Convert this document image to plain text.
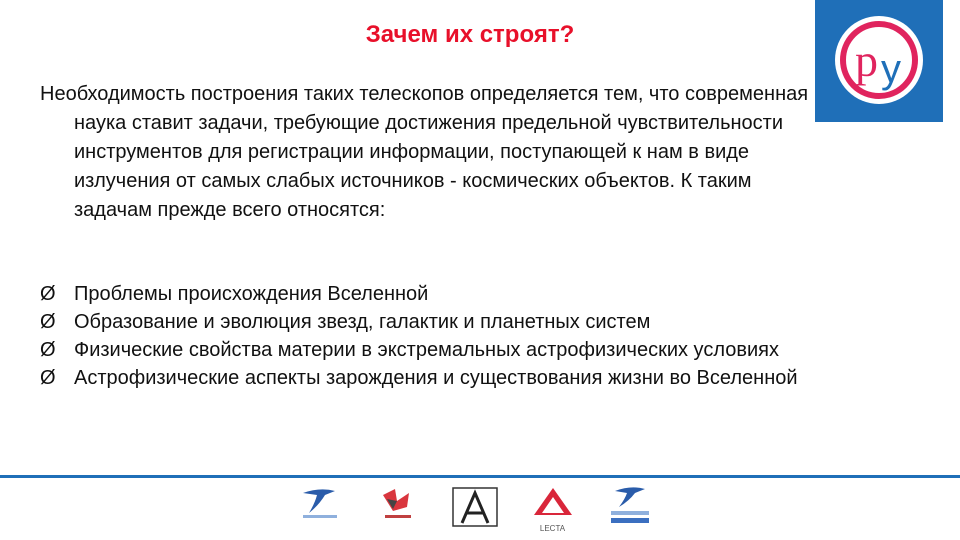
Зачем их строят?
p y

Необходимость построения таких телескопов определяется тем, что современная наука ставит задачи, требующие достижения предельной чувствительности инструментов для регистрации информации, поступающей к нам в виде излучения от самых слабых источников - космических объектов. К таким задачам прежде всего относятся:

Ø Проблемы происхождения Вселенной
Ø Образование и эволюция звезд, галактик и планетных систем
Ø Физические свойства материи в экстремальных астрофизических условиях
Ø Астрофизические аспекты зарождения и существования жизни во Вселенной
LECTA
